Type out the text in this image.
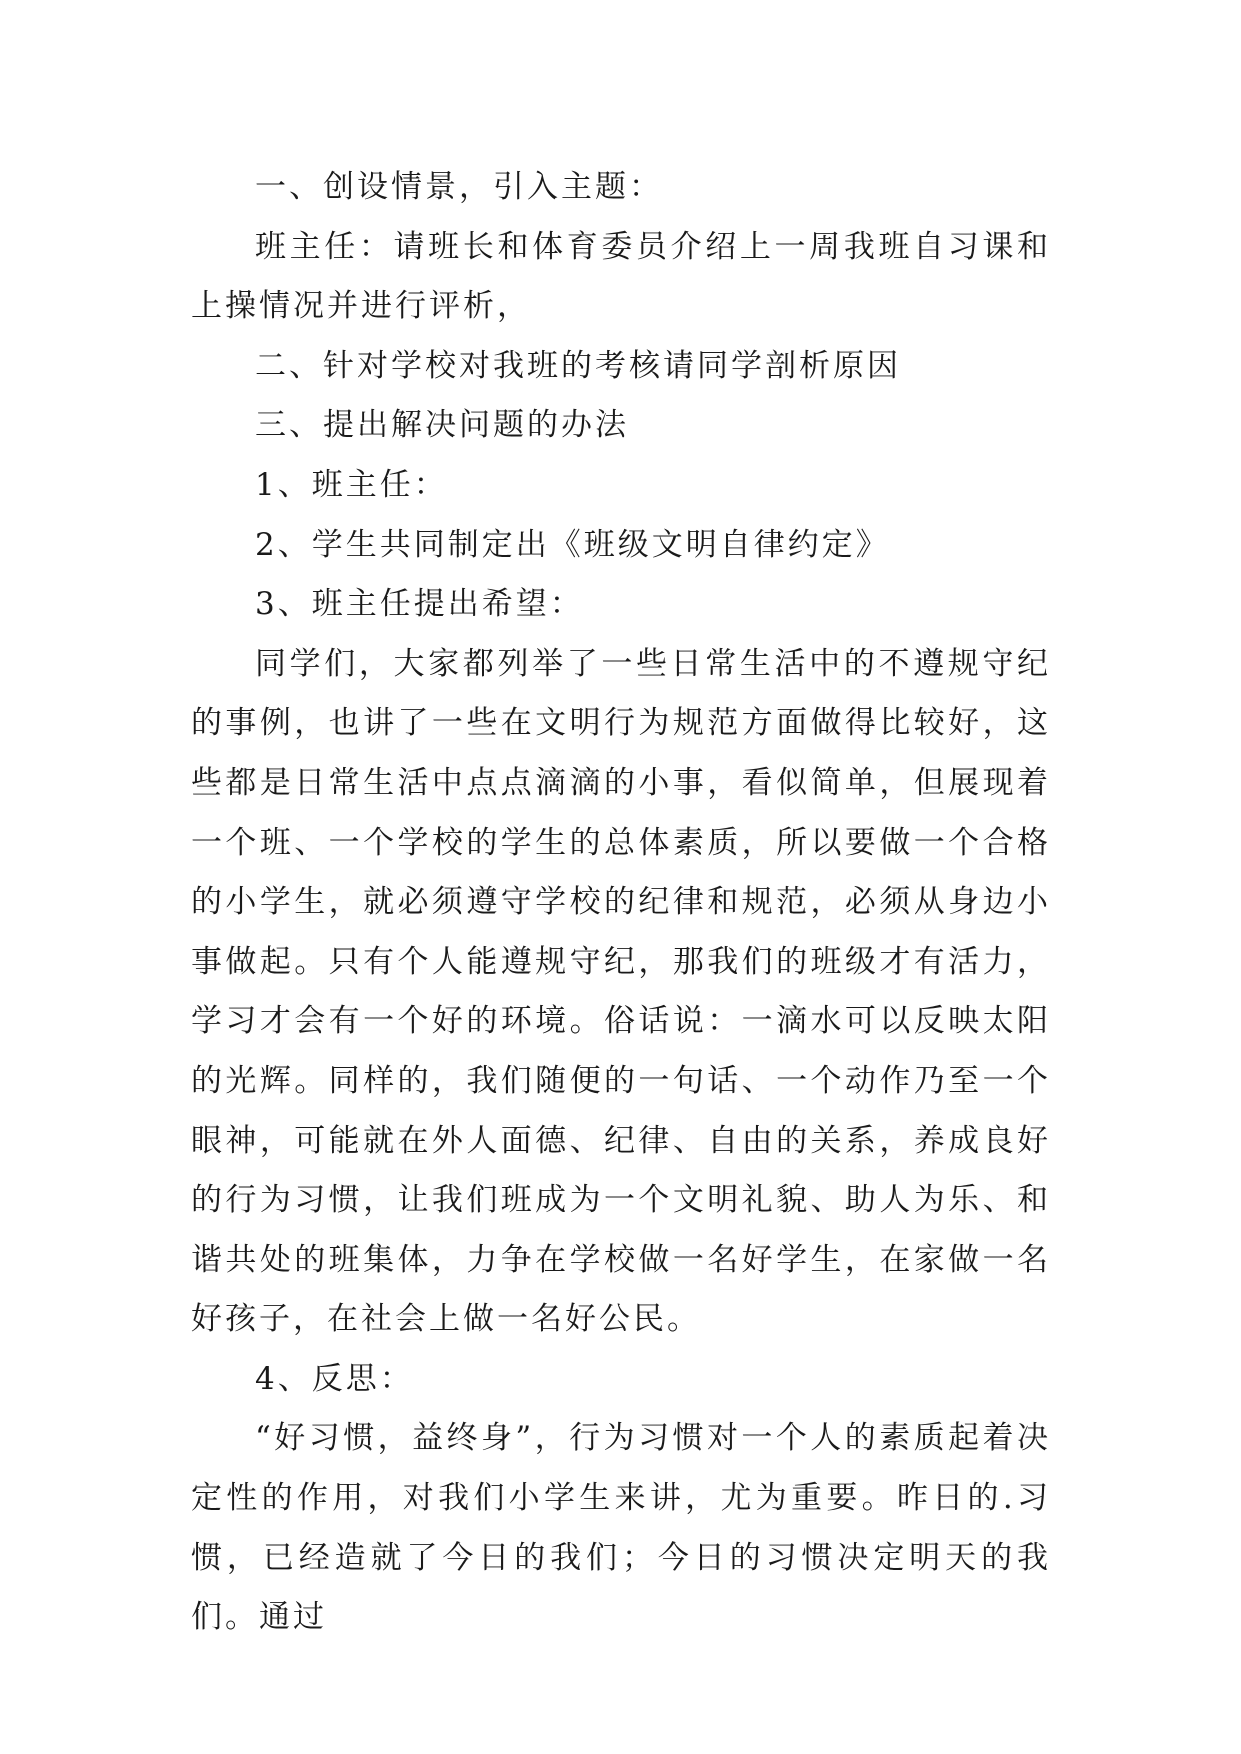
一、创设情景，引入主题：

班主任：请班长和体育委员介绍上一周我班自习课和上操情况并进行评析，

二、针对学校对我班的考核请同学剖析原因

三、提出解决问题的办法

1、班主任：

2、学生共同制定出《班级文明自律约定》

3、班主任提出希望：

同学们，大家都列举了一些日常生活中的不遵规守纪的事例，也讲了一些在文明行为规范方面做得比较好，这些都是日常生活中点点滴滴的小事，看似简单，但展现着一个班、一个学校的学生的总体素质，所以要做一个合格的小学生，就必须遵守学校的纪律和规范，必须从身边小事做起。只有个人能遵规守纪，那我们的班级才有活力，学习才会有一个好的环境。俗话说：一滴水可以反映太阳的光辉。同样的，我们随便的一句话、一个动作乃至一个眼神，可能就在外人面德、纪律、自由的关系，养成良好的行为习惯，让我们班成为一个文明礼貌、助人为乐、和谐共处的班集体，力争在学校做一名好学生，在家做一名好孩子，在社会上做一名好公民。

4、反思：

“好习惯，益终身”，行为习惯对一个人的素质起着决定性的作用，对我们小学生来讲，尤为重要。昨日的.习惯，已经造就了今日的我们；今日的习惯决定明天的我们。通过
